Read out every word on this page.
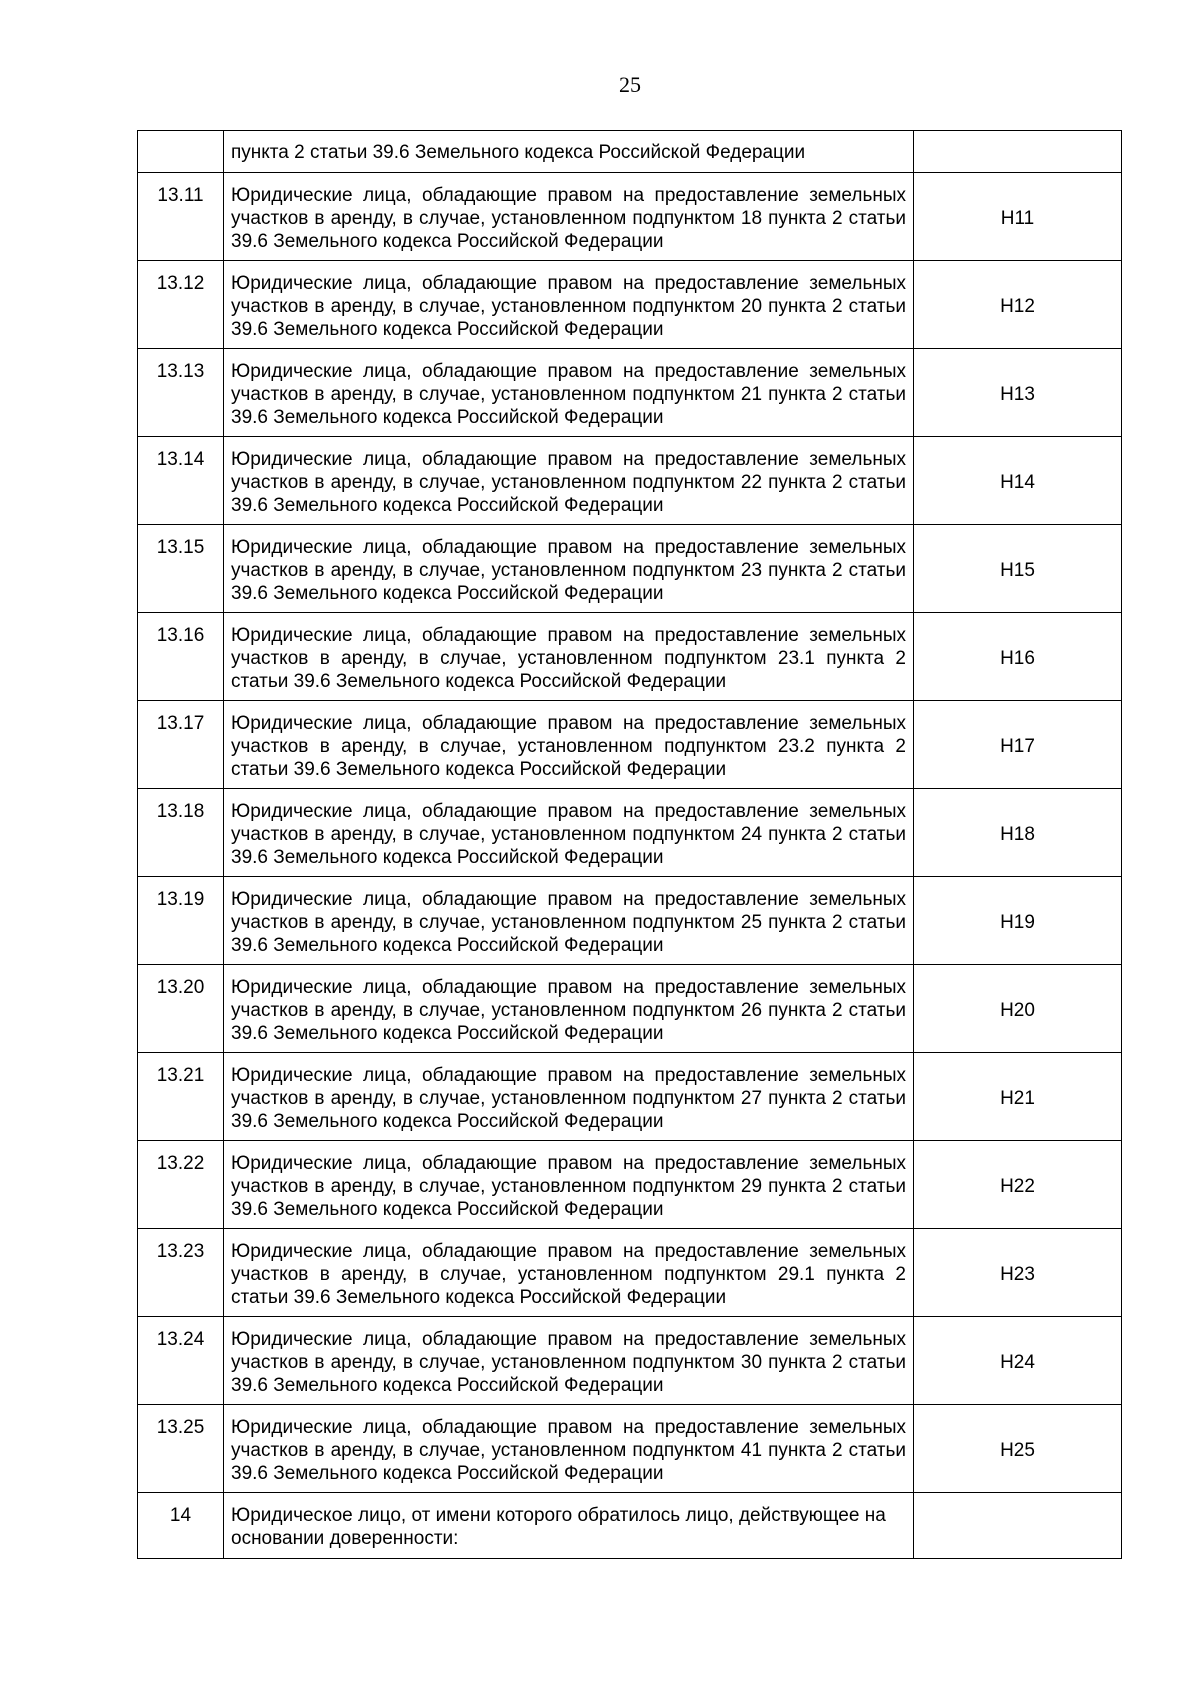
25
	пункта 2 статьи 39.6 Земельного кодекса Российской Федерации	
13.11	Юридические лица, обладающие правом на предоставление земельных участков в аренду, в случае, установленном подпунктом 18 пункта 2 статьи 39.6 Земельного кодекса Российской Федерации	Н11
13.12	Юридические лица, обладающие правом на предоставление земельных участков в аренду, в случае, установленном подпунктом 20 пункта 2 статьи 39.6 Земельного кодекса Российской Федерации	Н12
13.13	Юридические лица, обладающие правом на предоставление земельных участков в аренду, в случае, установленном подпунктом 21 пункта 2 статьи 39.6 Земельного кодекса Российской Федерации	Н13
13.14	Юридические лица, обладающие правом на предоставление земельных участков в аренду, в случае, установленном подпунктом 22 пункта 2 статьи 39.6 Земельного кодекса Российской Федерации	Н14
13.15	Юридические лица, обладающие правом на предоставление земельных участков в аренду, в случае, установленном подпунктом 23 пункта 2 статьи 39.6 Земельного кодекса Российской Федерации	Н15
13.16	Юридические лица, обладающие правом на предоставление земельных участков в аренду, в случае, установленном подпунктом 23.1 пункта 2 статьи 39.6 Земельного кодекса Российской Федерации	Н16
13.17	Юридические лица, обладающие правом на предоставление земельных участков в аренду, в случае, установленном подпунктом 23.2 пункта 2 статьи 39.6 Земельного кодекса Российской Федерации	Н17
13.18	Юридические лица, обладающие правом на предоставление земельных участков в аренду, в случае, установленном подпунктом 24 пункта 2 статьи 39.6 Земельного кодекса Российской Федерации	Н18
13.19	Юридические лица, обладающие правом на предоставление земельных участков в аренду, в случае, установленном подпунктом 25 пункта 2 статьи 39.6 Земельного кодекса Российской Федерации	Н19
13.20	Юридические лица, обладающие правом на предоставление земельных участков в аренду, в случае, установленном подпунктом 26 пункта 2 статьи 39.6 Земельного кодекса Российской Федерации	Н20
13.21	Юридические лица, обладающие правом на предоставление земельных участков в аренду, в случае, установленном подпунктом 27 пункта 2 статьи 39.6 Земельного кодекса Российской Федерации	Н21
13.22	Юридические лица, обладающие правом на предоставление земельных участков в аренду, в случае, установленном подпунктом 29 пункта 2 статьи 39.6 Земельного кодекса Российской Федерации	Н22
13.23	Юридические лица, обладающие правом на предоставление земельных участков в аренду, в случае, установленном подпунктом 29.1 пункта 2 статьи 39.6 Земельного кодекса Российской Федерации	Н23
13.24	Юридические лица, обладающие правом на предоставление земельных участков в аренду, в случае, установленном подпунктом 30 пункта 2 статьи 39.6 Земельного кодекса Российской Федерации	Н24
13.25	Юридические лица, обладающие правом на предоставление земельных участков в аренду, в случае, установленном подпунктом 41 пункта 2 статьи 39.6 Земельного кодекса Российской Федерации	Н25
14	Юридическое лицо, от имени которого обратилось лицо, действующее на основании доверенности:	
